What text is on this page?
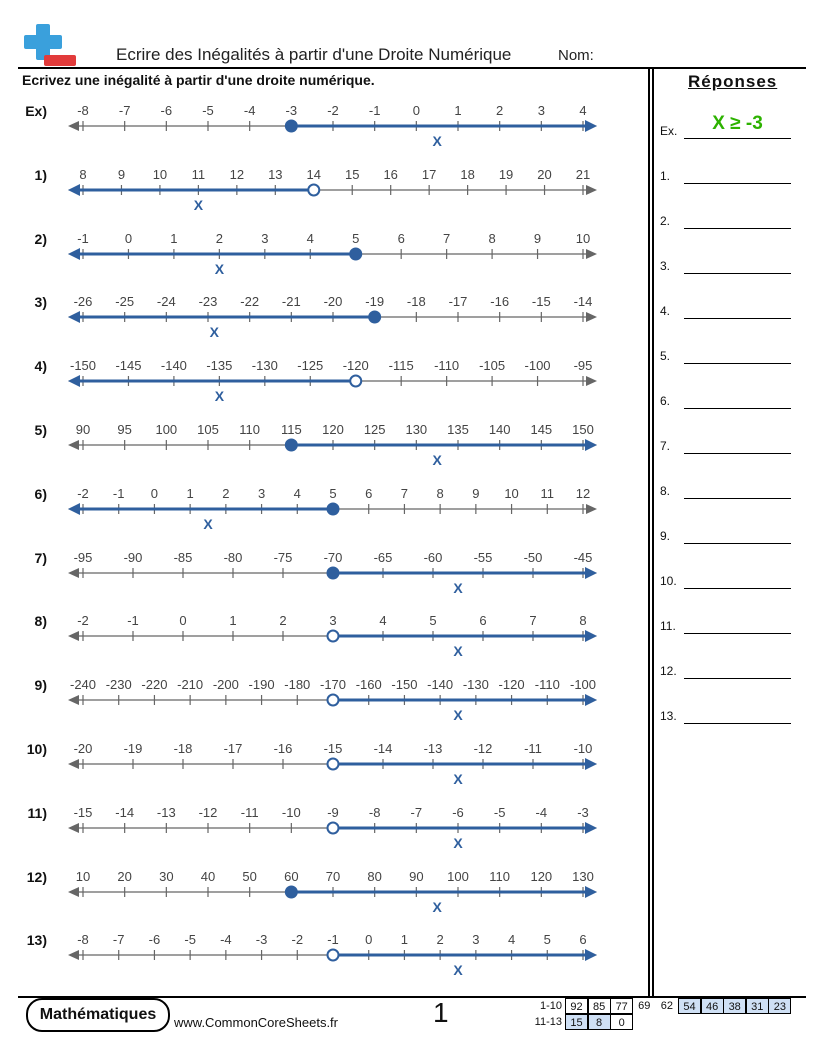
Ecrire des Inégalités à partir d'une Droite Numérique	Nom:
Ecrivez une inégalité à partir d'une droite numérique.
Ex) -8 -7 -6 -5 -4 -3 -2 -1 0	1	2	3	4
X
1) 8 9 10 11 12 13 14 15 16 17 18 19 20 21
X
2) -1	0	1	2	3	4	5	6	7	8	9	10
X
3) -26 -25 -24 -23 -22 -21 -20 -19 -18 -17 -16 -15 -14
X
4) -150 -145 -140 -135 -130 -125 -120 -115 -110 -105 -100 -95
X
5) 90 95 100 105 110 115 120 125 130 135 140 145 150
X
6) -2 -1 0 1 2 3 4 5 6 7 8 9 10 11 12
X
7) -95 -90 -85 -80 -75 -70 -65 -60 -55 -50 -45
X
8) -2	-1	0	1	2	3	4	5	6	7	8
X
9) -240 -230 -220 -210 -200 -190 -180 -170 -160 -150 -140 -130 -120 -110 -100
X
10) -20 -19 -18 -17 -16 -15 -14 -13 -12 -11 -10
X
11) -15 -14 -13 -12 -11 -10 -9 -8 -7 -6 -5 -4 -3
X
12) 10 20 30 40 50 60 70 80 90 100 110 120 130
X
13) -8 -7 -6 -5 -4 -3 -2 -1 0 1 2 3 4 5 6
X
Réponses
Ex.	X ≥ -3
1.
2.
3.
4.
5.
6.
7.
8.
9.
10.
11.
12.
13.
Mathématiques	www.CommonCoreSheets.fr	1	1-10 92 85 77 69 62 54 46 38 31 23
11-13 15	8	0
